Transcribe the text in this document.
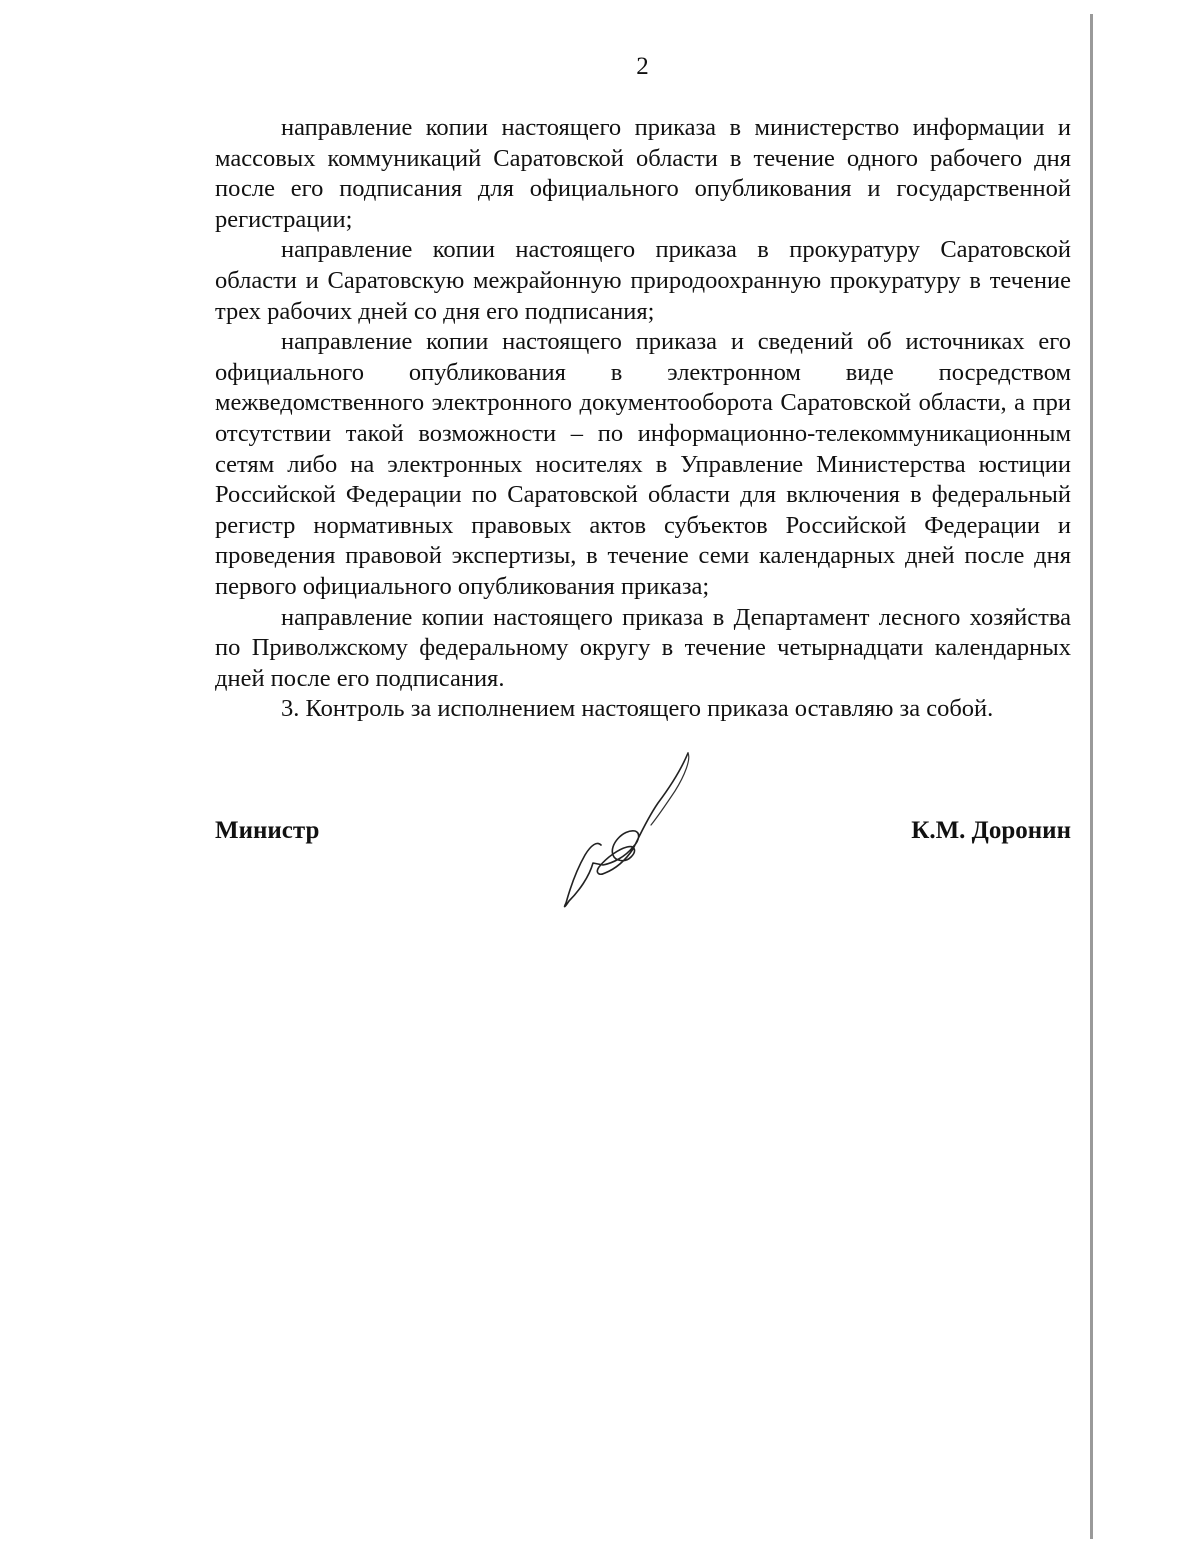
2

направление копии настоящего приказа в министерство информации и массовых коммуникаций Саратовской области в течение одного рабочего дня после его подписания для официального опубликования и государственной регистрации;

направление копии настоящего приказа в прокуратуру Саратовской области и Саратовскую межрайонную природоохранную прокуратуру в течение трех рабочих дней со дня его подписания;

направление копии настоящего приказа и сведений об источниках его официального опубликования в электронном виде посредством межведомственного электронного документооборота Саратовской области, а при отсутствии такой возможности – по информационно-телекоммуникационным сетям либо на электронных носителях в Управление Министерства юстиции Российской Федерации по Саратовской области для включения в федеральный регистр нормативных правовых актов субъектов Российской Федерации и проведения правовой экспертизы, в течение семи календарных дней после дня первого официального опубликования приказа;

направление копии настоящего приказа в Департамент лесного хозяйства по Приволжскому федеральному округу в течение четырнадцати календарных дней после его подписания.

3. Контроль за исполнением настоящего приказа оставляю за собой.

Министр	К.М. Доронин
